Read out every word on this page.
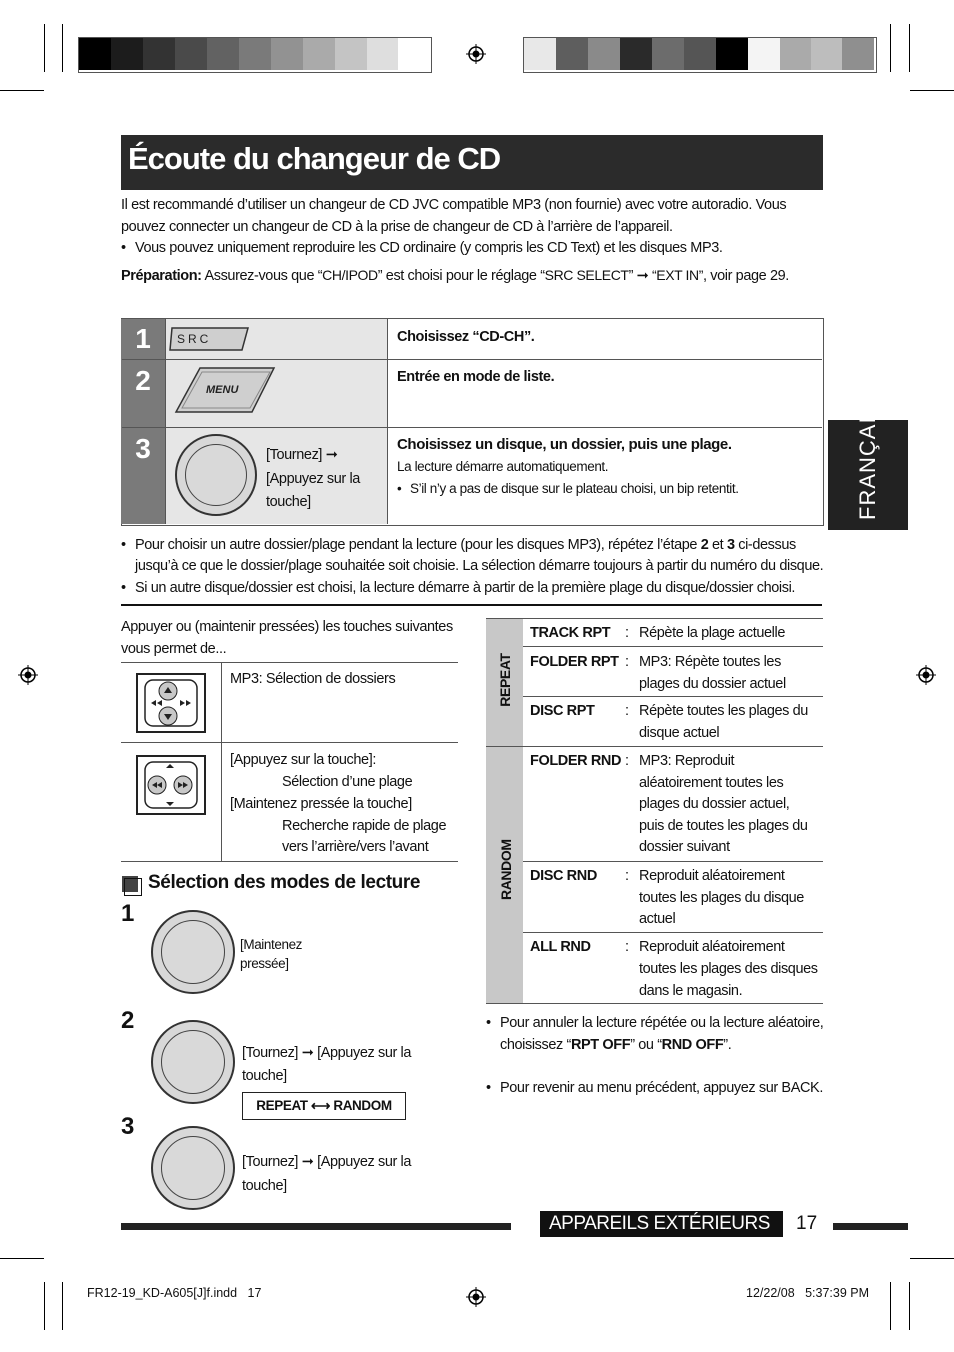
Écoute du changeur de CD
Il est recommandé d’utiliser un changeur de CD JVC compatible MP3 (non fournie) avec votre autoradio. Vous pouvez connecter un changeur de CD à la prise de changeur de CD à l’arrière de l’appareil.
• Vous pouvez uniquement reproduire les CD ordinaire (y compris les CD Text) et les disques MP3.
Préparation: Assurez-vous que “CH/IPOD” est choisi pour le réglage “SRC SELECT” ➞ “EXT IN”, voir page 29.
1
2
3
SRC	Choisissez “CD-CH”.
MENU
Entrée en mode de liste.
[Tournez] ➞
[Appuyez sur la
touche]
Choisissez un disque, un dossier, puis une plage.
La lecture démarre automatiquement.
• S’il n’y a pas de disque sur le plateau choisi, un bip retentit.
• Pour choisir un autre dossier/plage pendant la lecture (pour les disques MP3), répétez l’étape 2 et 3 ci-dessus
jusqu’à ce que le dossier/plage souhaitée soit choisie. La sélection démarre toujours à partir du numéro du disque.
• Si un autre disque/dossier est choisi, la lecture démarre à partir de la première plage du disque/dossier choisi.
Appuyer ou (maintenir pressées) les touches suivantes
vous permet de...
MP3: Sélection de dossiers
[Appuyez sur la touche]:
Sélection d’une plage
[Maintenez pressée la touche]
Recherche rapide de plage
vers l’arrière/vers l’avant
Sélection des modes de lecture
1
[Maintenez
pressée]
2
[Tournez] ➞ [Appuyez sur la
touche]
REPEAT ⟷ RANDOM
3
[Tournez] ➞ [Appuyez sur la
touche]
REPEAT
RANDOM
TRACK RPT : Répète la plage actuelle
FOLDER RPT : MP3: Répète toutes les
plages du dossier actuel
DISC RPT : Répète toutes les plages du
disque actuel
FOLDER RND : MP3: Reproduit
aléatoirement toutes les
plages du dossier actuel,
puis de toutes les plages du
dossier suivant
DISC RND : Reproduit aléatoirement
toutes les plages du disque
actuel
ALL RND : Reproduit aléatoirement
toutes les plages des disques
dans le magasin.
• Pour annuler la lecture répétée ou la lecture aléatoire,
choisissez “RPT OFF” ou “RND OFF”.
• Pour revenir au menu précédent, appuyez sur BACK.
FRANÇAIS
APPAREILS EXTÉRIEURS 17
FR12-19_KD-A605[J]f.indd   17	12/22/08   5:37:39 PM
